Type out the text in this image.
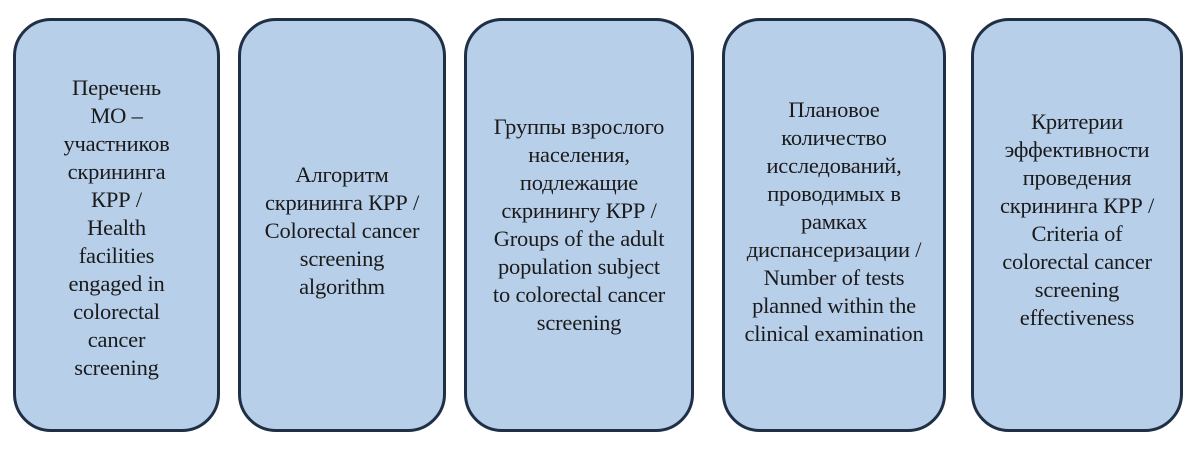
Перечень
МО –
участников
скрининга
КРР /
Health
facilities
engaged in
colorectal
cancer
screening
Алгоритм
скрининга КРР /
Colorectal cancer
screening
algorithm
Группы взрослого
населения,
подлежащие
скринингу КРР /
Groups of the adult
population subject
to colorectal cancer
screening
Плановое
количество
исследований,
проводимых в
рамках
диспансеризации /
Number of tests
planned within the
clinical examination
Критерии
эффективности
проведения
скрининга КРР /
Criteria of
colorectal cancer
screening
effectiveness
